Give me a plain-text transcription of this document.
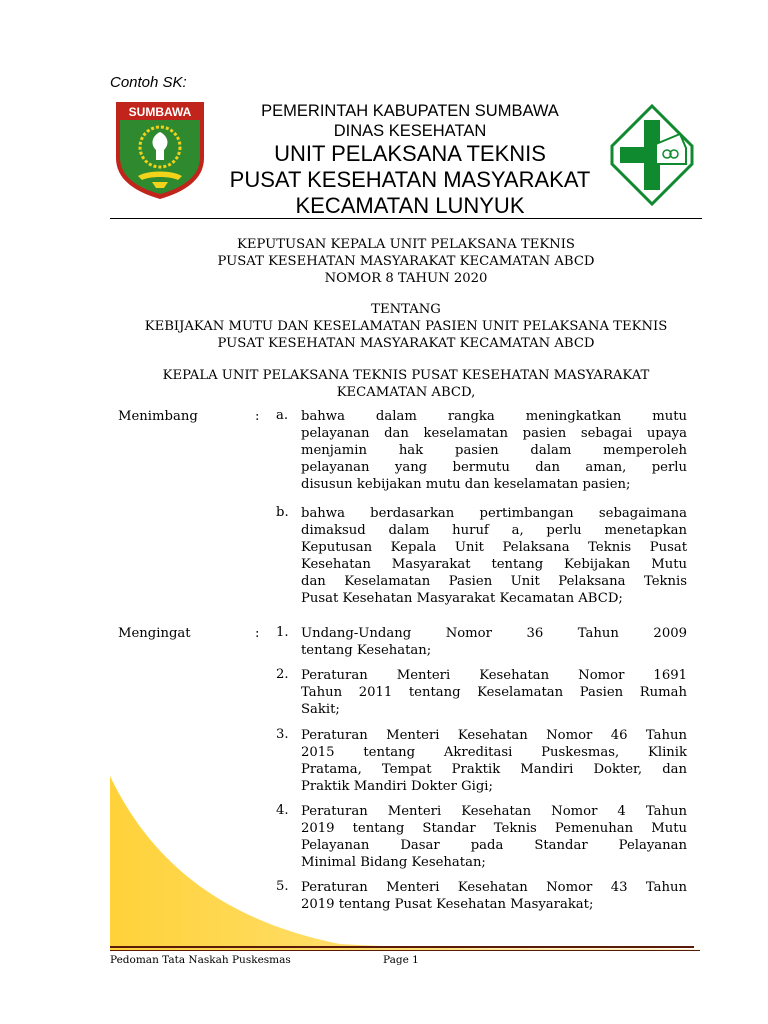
Contoh SK:
SUMBAWA	PEMERINTAH KABUPATEN SUMBAWA
DINAS KESEHATAN
UNIT PELAKSANA TEKNIS
PUSAT KESEHATAN MASYARAKAT
KECAMATAN LUNYUK
KEPUTUSAN KEPALA UNIT PELAKSANA TEKNIS
PUSAT KESEHATAN MASYARAKAT KECAMATAN ABCD
NOMOR 8 TAHUN 2020
TENTANG
KEBIJAKAN MUTU DAN KESELAMATAN PASIEN UNIT PELAKSANA TEKNIS
PUSAT KESEHATAN MASYARAKAT KECAMATAN ABCD
KEPALA UNIT PELAKSANA TEKNIS PUSAT KESEHATAN MASYARAKAT
KECAMATAN ABCD,
Menimbang	: a. bahwa dalam rangka meningkatkan mutu
pelayanan dan keselamatan pasien sebagai upaya
menjamin hak pasien dalam memperoleh
pelayanan yang bermutu dan aman, perlu
disusun kebijakan mutu dan keselamatan pasien;
b. bahwa berdasarkan pertimbangan sebagaimana
dimaksud dalam huruf a, perlu menetapkan
Keputusan Kepala Unit Pelaksana Teknis Pusat
Kesehatan Masyarakat tentang Kebijakan Mutu
dan Keselamatan Pasien Unit Pelaksana Teknis
Pusat Kesehatan Masyarakat Kecamatan ABCD;
Mengingat	: 1. Undang-Undang Nomor 36 Tahun 2009
tentang Kesehatan;
2. Peraturan Menteri Kesehatan Nomor 1691
Tahun 2011 tentang Keselamatan Pasien Rumah
Sakit;
3. Peraturan Menteri Kesehatan Nomor 46 Tahun
2015 tentang Akreditasi Puskesmas, Klinik
Pratama, Tempat Praktik Mandiri Dokter, dan
Praktik Mandiri Dokter Gigi;
4. Peraturan Menteri Kesehatan Nomor 4 Tahun
2019 tentang Standar Teknis Pemenuhan Mutu
Pelayanan Dasar pada Standar Pelayanan
Minimal Bidang Kesehatan;
5. Peraturan Menteri Kesehatan Nomor 43 Tahun
2019 tentang Pusat Kesehatan Masyarakat;
Pedoman Tata Naskah Puskesmas	Page 1
